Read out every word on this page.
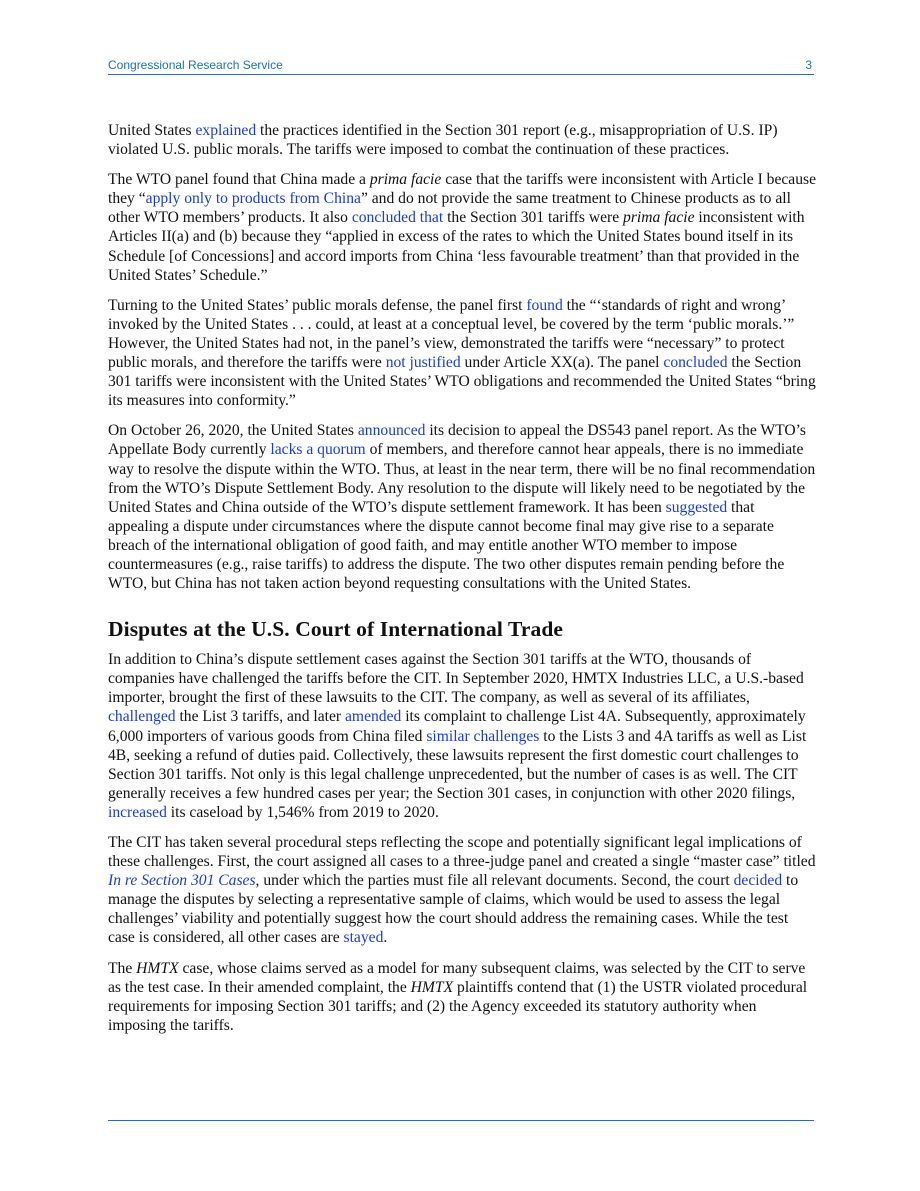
Congressional Research Service	3

United States explained the practices identified in the Section 301 report (e.g., misappropriation of U.S. IP) violated U.S. public morals. The tariffs were imposed to combat the continuation of these practices.

The WTO panel found that China made a prima facie case that the tariffs were inconsistent with Article I because they “apply only to products from China” and do not provide the same treatment to Chinese products as to all other WTO members’ products. It also concluded that the Section 301 tariffs were prima facie inconsistent with Articles II(a) and (b) because they “applied in excess of the rates to which the United States bound itself in its Schedule [of Concessions] and accord imports from China ‘less favourable treatment’ than that provided in the United States’ Schedule.”

Turning to the United States’ public morals defense, the panel first found the “‘standards of right and wrong’ invoked by the United States . . . could, at least at a conceptual level, be covered by the term ‘public morals.’” However, the United States had not, in the panel’s view, demonstrated the tariffs were “necessary” to protect public morals, and therefore the tariffs were not justified under Article XX(a). The panel concluded the Section 301 tariffs were inconsistent with the United States’ WTO obligations and recommended the United States “bring its measures into conformity.”

On October 26, 2020, the United States announced its decision to appeal the DS543 panel report. As the WTO’s Appellate Body currently lacks a quorum of members, and therefore cannot hear appeals, there is no immediate way to resolve the dispute within the WTO. Thus, at least in the near term, there will be no final recommendation from the WTO’s Dispute Settlement Body. Any resolution to the dispute will likely need to be negotiated by the United States and China outside of the WTO’s dispute settlement framework. It has been suggested that appealing a dispute under circumstances where the dispute cannot become final may give rise to a separate breach of the international obligation of good faith, and may entitle another WTO member to impose countermeasures (e.g., raise tariffs) to address the dispute. The two other disputes remain pending before the WTO, but China has not taken action beyond requesting consultations with the United States.

Disputes at the U.S. Court of International Trade

In addition to China’s dispute settlement cases against the Section 301 tariffs at the WTO, thousands of companies have challenged the tariffs before the CIT. In September 2020, HMTX Industries LLC, a U.S.-based importer, brought the first of these lawsuits to the CIT. The company, as well as several of its affiliates, challenged the List 3 tariffs, and later amended its complaint to challenge List 4A. Subsequently, approximately 6,000 importers of various goods from China filed similar challenges to the Lists 3 and 4A tariffs as well as List 4B, seeking a refund of duties paid. Collectively, these lawsuits represent the first domestic court challenges to Section 301 tariffs. Not only is this legal challenge unprecedented, but the number of cases is as well. The CIT generally receives a few hundred cases per year; the Section 301 cases, in conjunction with other 2020 filings, increased its caseload by 1,546% from 2019 to 2020.

The CIT has taken several procedural steps reflecting the scope and potentially significant legal implications of these challenges. First, the court assigned all cases to a three-judge panel and created a single “master case” titled In re Section 301 Cases, under which the parties must file all relevant documents. Second, the court decided to manage the disputes by selecting a representative sample of claims, which would be used to assess the legal challenges’ viability and potentially suggest how the court should address the remaining cases. While the test case is considered, all other cases are stayed.

The HMTX case, whose claims served as a model for many subsequent claims, was selected by the CIT to serve as the test case. In their amended complaint, the HMTX plaintiffs contend that (1) the USTR violated procedural requirements for imposing Section 301 tariffs; and (2) the Agency exceeded its statutory authority when imposing the tariffs.
